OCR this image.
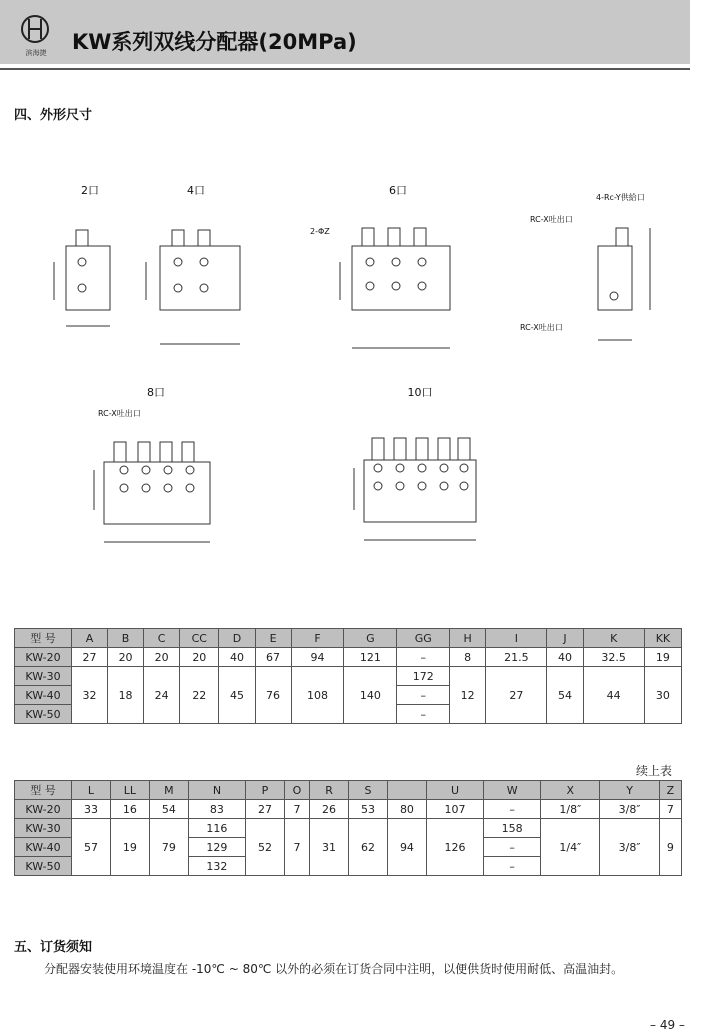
滨海捷	KW系列双线分配器(20MPa)
四、外形尺寸
2口	4口	6口
8口	10口
4-Rc-Y供給口
RC-X吐出口
RC-X吐出口
RC-X吐出口
2-ΦZ
型 号	A	B	C	CC	D	E	F	G	GG	H	I	J	K	KK
KW-20	27	20	20	20	40	67	94	121	–	8	21.5	40	32.5	19
KW-30	32	18	24	22	45	76	108	140	172	12	27	54	44	30
KW-40									–					
KW-50									–					
续上表
型 号	L	LL	M	N	P	O	R	S		U	W	X	Y	Z
KW-20	33	16	54	83	27	7	26	53	80	107	–	1/8″	3/8″	7
KW-30	57	19	79	116	52	7	31	62	94	126	158	1/4″	3/8″	9
KW-40				129							–			
KW-50				132							–			
五、订货须知
分配器安装使用环境温度在 -10℃ ~ 80℃ 以外的必须在订货合同中注明，以便供货时使用耐低、高温油封。
– 49 –
